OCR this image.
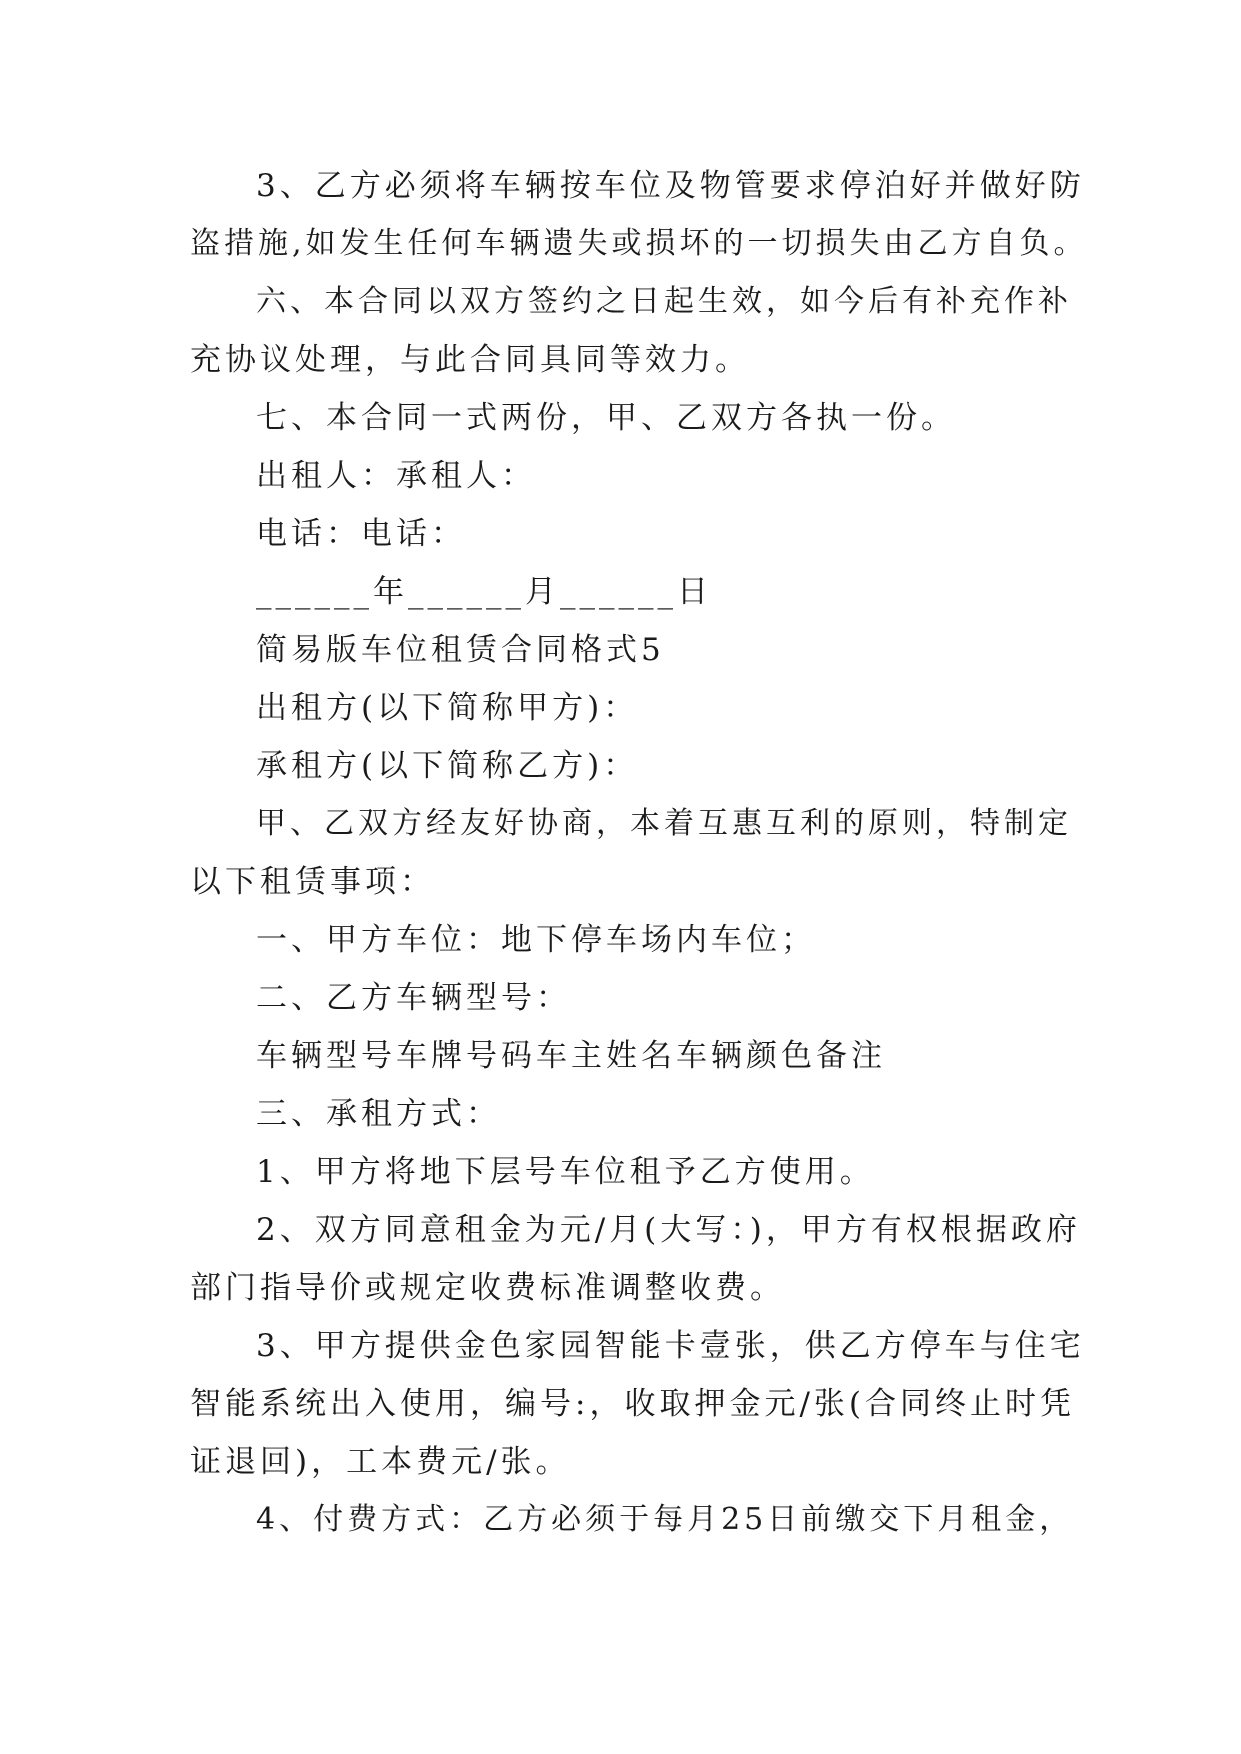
3、乙方必须将车辆按车位及物管要求停泊好并做好防
盗措施,如发生任何车辆遗失或损坏的一切损失由乙方自负。
六、本合同以双方签约之日起生效，如今后有补充作补
充协议处理，与此合同具同等效力。
七、本合同一式两份，甲、乙双方各执一份。
出租人：承租人：
电话：电话：
______年______月______日
简易版车位租赁合同格式5
出租方(以下简称甲方)：
承租方(以下简称乙方)：
甲、乙双方经友好协商，本着互惠互利的原则，特制定
以下租赁事项：
一、甲方车位：地下停车场内车位；
二、乙方车辆型号：
车辆型号车牌号码车主姓名车辆颜色备注
三、承租方式：
1、甲方将地下层号车位租予乙方使用。
2、双方同意租金为元/月(大写：)，甲方有权根据政府
部门指导价或规定收费标准调整收费。
3、甲方提供金色家园智能卡壹张，供乙方停车与住宅
智能系统出入使用，编号:，收取押金元/张(合同终止时凭
证退回)，工本费元/张。
4、付费方式：乙方必须于每月25日前缴交下月租金，
